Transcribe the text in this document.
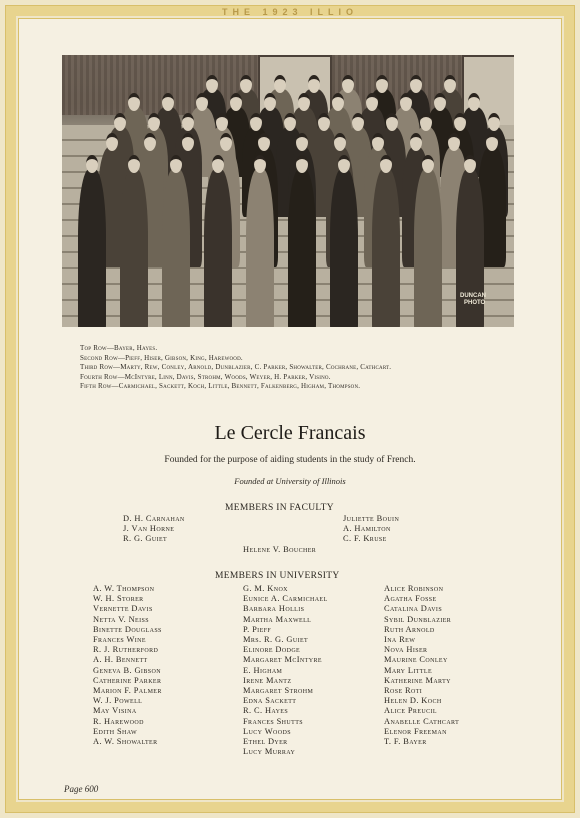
THE 1923 ILLIO
DUNCAN
PHOTO
Top Row—Bayer, Hayes.
Second Row—Pieff, Hiser, Gibson, King, Harewood.
Third Row—Marty, Rew, Conley, Arnold, Dunblazier, C. Parker, Showalter, Cochrane, Cathcart.
Fourth Row—McIntyre, Linn, Davis, Strohm, Woods, Weyer, H. Parker, Visino.
Fifth Row—Carmichael, Sackett, Koch, Little, Bennett, Falkenberg, Higham, Thompson.
Le Cercle Francais
Founded for the purpose of aiding students in the study of French.
Founded at University of Illinois
MEMBERS IN FACULTY
D. H. Carnahan
J. Van Horne
R. G. Guiet
Juliette Bouin
A. Hamilton
C. F. Kruse
Helene V. Boucher
MEMBERS IN UNIVERSITY
A. W. Thompson
W. H. Storer
Vernette Davis
Netta V. Neiss
Binette Douglass
Frances Wine
R. J. Rutherford
A. H. Bennett
Geneva B. Gibson
Catherine Parker
Marion F. Palmer
W. J. Powell
May Visina
R. Harewood
Edith Shaw
A. W. Showalter
G. M. Knox
Eunice A. Carmichael
Barbara Hollis
Martha Maxwell
P. Pieff
Mrs. R. G. Guiet
Elinore Dodge
Margaret McIntyre
E. Higham
Irene Mantz
Margaret Strohm
Edna Sackett
R. C. Hayes
Frances Shutts
Lucy Woods
Ethel Dyer
Lucy Murray
Alice Robinson
Agatha Fosse
Catalina Davis
Sybil Dunblazier
Ruth Arnold
Ina Rew
Nova Hiser
Maurine Conley
Mary Little
Katherine Marty
Rose Roti
Helen D. Koch
Alice Preucil
Anabelle Cathcart
Elenor Freeman
T. F. Bayer
Page 600
